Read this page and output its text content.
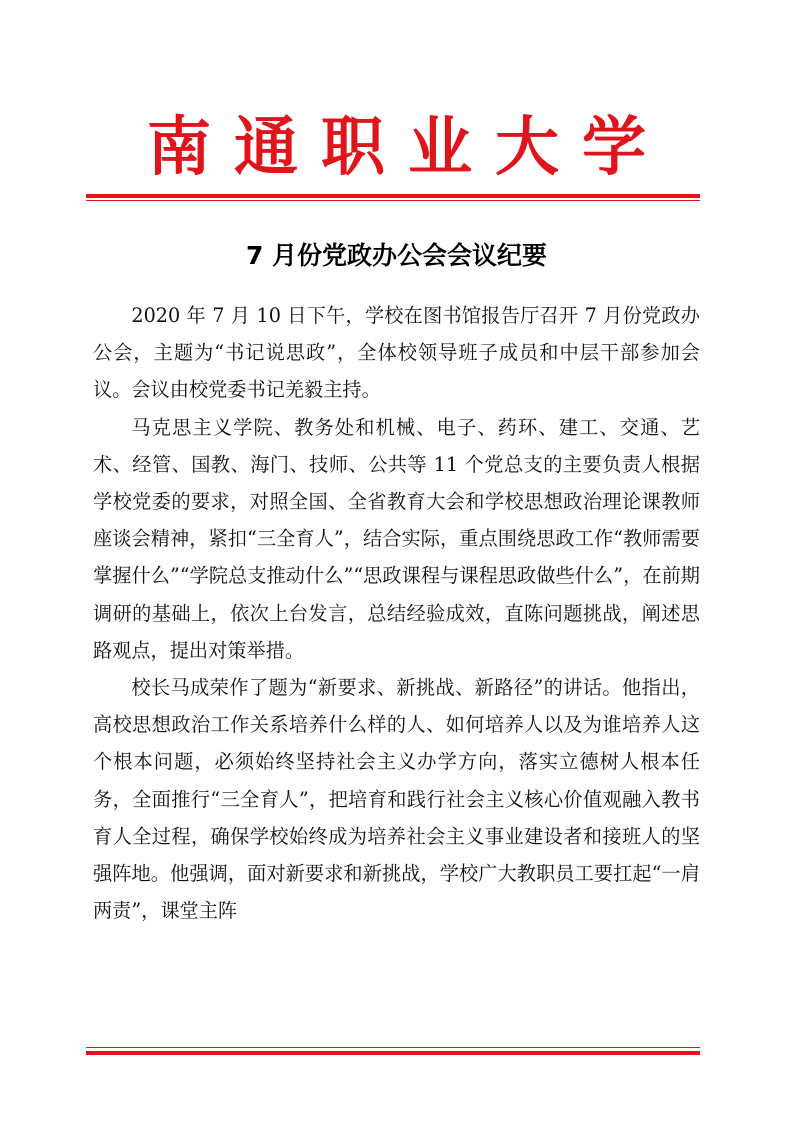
南通职业大学
7 月份党政办公会会议纪要

2020 年 7 月 10 日下午，学校在图书馆报告厅召开 7 月份党政办公会，主题为“书记说思政”，全体校领导班子成员和中层干部参加会议。会议由校党委书记羌毅主持。

马克思主义学院、教务处和机械、电子、药环、建工、交通、艺术、经管、国教、海门、技师、公共等 11 个党总支的主要负责人根据学校党委的要求，对照全国、全省教育大会和学校思想政治理论课教师座谈会精神，紧扣“三全育人”，结合实际，重点围绕思政工作“教师需要掌握什么”“学院总支推动什么”“思政课程与课程思政做些什么”，在前期调研的基础上，依次上台发言，总结经验成效，直陈问题挑战，阐述思路观点，提出对策举措。

校长马成荣作了题为“新要求、新挑战、新路径”的讲话。他指出，高校思想政治工作关系培养什么样的人、如何培养人以及为谁培养人这个根本问题，必须始终坚持社会主义办学方向，落实立德树人根本任务，全面推行“三全育人”，把培育和践行社会主义核心价值观融入教书育人全过程，确保学校始终成为培养社会主义事业建设者和接班人的坚强阵地。他强调，面对新要求和新挑战，学校广大教职员工要扛起“一肩两责”，课堂主阵
